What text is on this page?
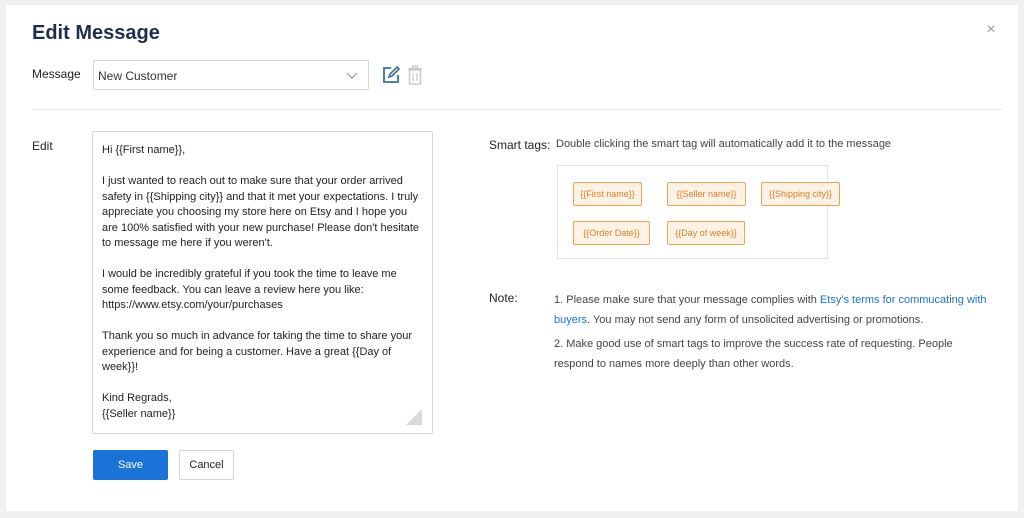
Edit Message	×
Message New Customer
Edit	Hi {{First name}},

I just wanted to reach out to make sure that your order arrived safety in {{Shipping city}} and that it met your expectations. I truly appreciate you choosing my store here on Etsy and I hope you are 100% satisfied with your new purchase! Please don't hesitate to message me here if you weren't.

I would be incredibly grateful if you took the time to leave me some feedback. You can leave a review here you like: https://www.etsy.com/your/purchases

Thank you so much in advance for taking the time to share your experience and for being a customer. Have a great {{Day of week}}!

Kind Regrads,
{{Seller name}}
Save	Cancel
Smart tags: Double clicking the smart tag will automatically add it to the message
{{First name}}	{{Seller name}}	{{Shipping city}}
{{Order Date}}	{{Day of week}}
Note:	1. Please make sure that your message complies with Etsy's terms for commucating with buyers. You may not send any form of unsolicited advertising or promotions.

2. Make good use of smart tags to improve the success rate of requesting. People respond to names more deeply than other words.
